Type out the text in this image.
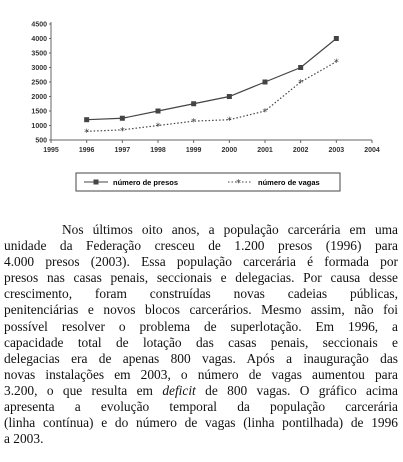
500
1000
1500
2000
2500
3000
3500
4000
4500
1995	1996	1997	1998	1999	2000	2001	2002	2003	2004
*	*	*	*	*
*
*
*
número de presos	* número de vagas
Nos últimos oito anos, a população carcerária em uma
unidade da Federação cresceu de 1.200 presos (1996) para
4.000 presos (2003). Essa população carcerária é formada por
presos nas casas penais, seccionais e delegacias. Por causa desse
crescimento, foram construídas novas cadeias públicas,
penitenciárias e novos blocos carcerários. Mesmo assim, não foi
possível resolver o problema de superlotação. Em 1996, a
capacidade total de lotação das casas penais, seccionais e
delegacias era de apenas 800 vagas. Após a inauguração das
novas instalações em 2003, o número de vagas aumentou para
3.200, o que resulta em deficit de 800 vagas. O gráfico acima
apresenta a evolução temporal da população carcerária
(linha contínua) e do número de vagas (linha pontilhada) de 1996
a 2003.
